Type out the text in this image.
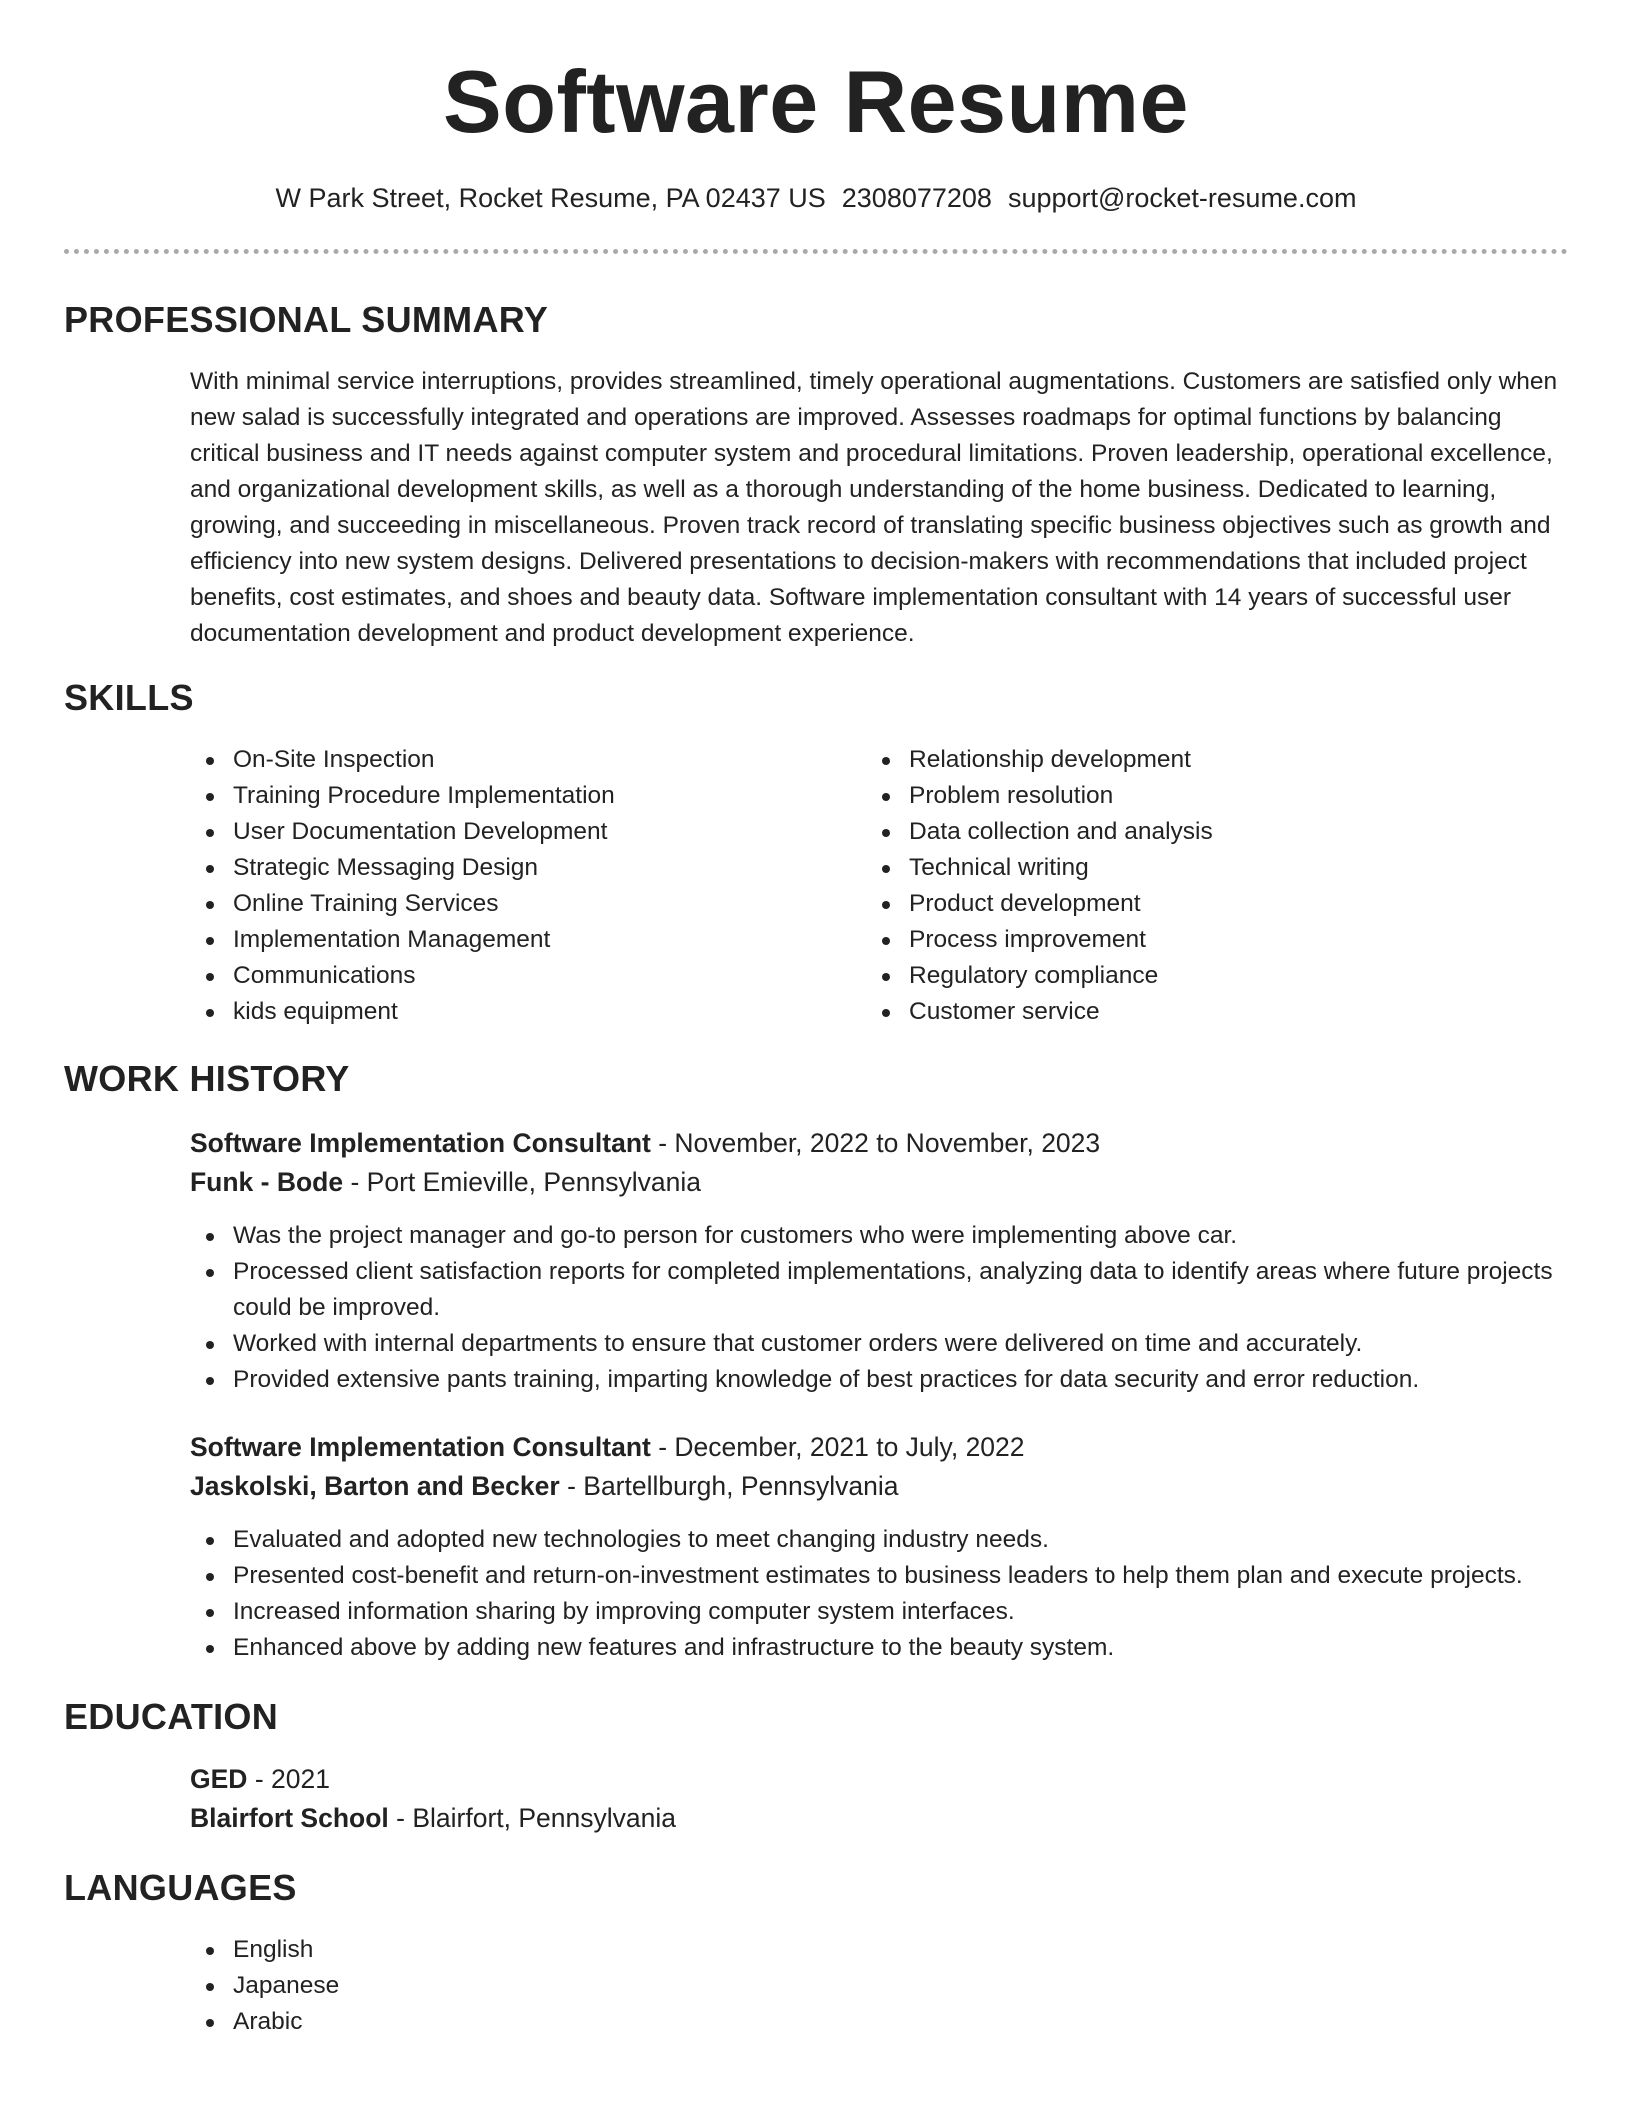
Software Resume
W Park Street, Rocket Resume, PA 02437 US 2308077208 support@rocket-resume.com
PROFESSIONAL SUMMARY
With minimal service interruptions, provides streamlined, timely operational augmentations. Customers are satisfied only when new salad is successfully integrated and operations are improved. Assesses roadmaps for optimal functions by balancing critical business and IT needs against computer system and procedural limitations. Proven leadership, operational excellence, and organizational development skills, as well as a thorough understanding of the home business. Dedicated to learning, growing, and succeeding in miscellaneous. Proven track record of translating specific business objectives such as growth and efficiency into new system designs. Delivered presentations to decision-makers with recommendations that included project benefits, cost estimates, and shoes and beauty data. Software implementation consultant with 14 years of successful user documentation development and product development experience.
SKILLS
On-Site Inspection
Training Procedure Implementation
User Documentation Development
Strategic Messaging Design
Online Training Services
Implementation Management
Communications
kids equipment
Relationship development
Problem resolution
Data collection and analysis
Technical writing
Product development
Process improvement
Regulatory compliance
Customer service
WORK HISTORY
Software Implementation Consultant - November, 2022 to November, 2023
Funk - Bode - Port Emieville, Pennsylvania
Was the project manager and go-to person for customers who were implementing above car.
Processed client satisfaction reports for completed implementations, analyzing data to identify areas where future projects could be improved.
Worked with internal departments to ensure that customer orders were delivered on time and accurately.
Provided extensive pants training, imparting knowledge of best practices for data security and error reduction.
Software Implementation Consultant - December, 2021 to July, 2022
Jaskolski, Barton and Becker - Bartellburgh, Pennsylvania
Evaluated and adopted new technologies to meet changing industry needs.
Presented cost-benefit and return-on-investment estimates to business leaders to help them plan and execute projects.
Increased information sharing by improving computer system interfaces.
Enhanced above by adding new features and infrastructure to the beauty system.
EDUCATION
GED - 2021
Blairfort School - Blairfort, Pennsylvania
LANGUAGES
English
Japanese
Arabic
